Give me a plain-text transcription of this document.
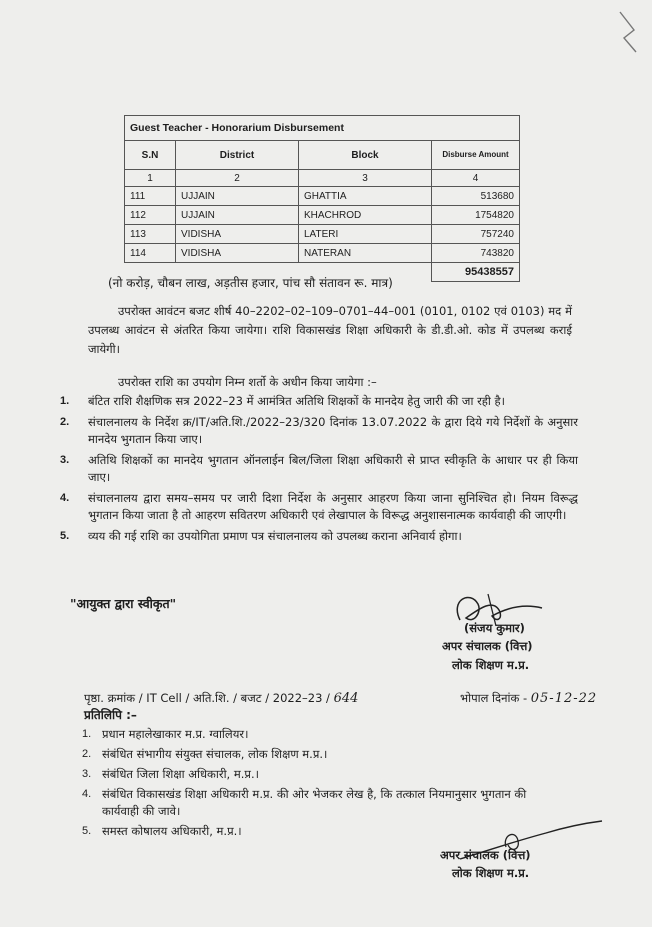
Guest Teacher - Honorarium Disbursement			
S.N	District	Block	Disburse Amount
1	2	3	4
111	UJJAIN	GHATTIA	513680
112	UJJAIN	KHACHROD	1754820
113	VIDISHA	LATERI	757240
114	VIDISHA	NATERAN	743820
			95438557

(नो करोड़, चौबन लाख, अड़तीस हजार, पांच सौ संतावन रू. मात्र)

उपरोक्त आवंटन बजट शीर्ष 40–2202–02–109–0701–44–001 (0101, 0102 एवं 0103) मद में उपलब्ध आवंटन से अंतरित किया जायेगा। राशि विकासखंड शिक्षा अधिकारी के डी.डी.ओ. कोड में उपलब्ध कराई जायेगी।

उपरोक्त राशि का उपयोग निम्न शर्तो के अधीन किया जायेगा :–

1. बंटित राशि शैक्षणिक सत्र 2022–23 में आमंत्रित अतिथि शिक्षकों के मानदेय हेतु जारी की जा रही है।
2. संचालनालय के निर्देश क्र/IT/अति.शि./2022–23/320 दिनांक 13.07.2022 के द्वारा दिये गये निर्देशों के अनुसार मानदेय भुगतान किया जाए।
3. अतिथि शिक्षकों का मानदेय भुगतान ऑनलाईन बिल/जिला शिक्षा अधिकारी से प्राप्त स्वीकृति के आधार पर ही किया जाए।
4. संचालनालय द्वारा समय–समय पर जारी दिशा निर्देश के अनुसार आहरण किया जाना सुनिश्चित हो। नियम विरूद्ध भुगतान किया जाता है तो आहरण सवितरण अधिकारी एवं लेखापाल के विरूद्ध अनुशासनात्मक कार्यवाही की जाएगी।
5. व्यय की गई राशि का उपयोगिता प्रमाण पत्र संचालनालय को उपलब्ध कराना अनिवार्य होगा।

"आयुक्त द्वारा स्वीकृत"

(संजय कुमार)

अपर संचालक (वित्त)

लोक शिक्षण म.प्र.

पृष्ठा. क्रमांक / IT Cell / अति.शि. / बजट / 2022–23 / 644	भोपाल दिनांक - 05-12-22

प्रतिलिपि :–

1. प्रधान महालेखाकार म.प्र. ग्वालियर।
2. संबंधित संभागीय संयुक्त संचालक, लोक शिक्षण म.प्र.।
3. संबंधित जिला शिक्षा अधिकारी, म.प्र.।
4. संबंधित विकासखंड शिक्षा अधिकारी म.प्र. की ओर भेजकर लेख है, कि तत्काल नियमानुसार भुगतान की कार्यवाही की जावे।
5. समस्त कोषालय अधिकारी, म.प्र.।

अपर संचालक (वित्त)

लोक शिक्षण म.प्र.
